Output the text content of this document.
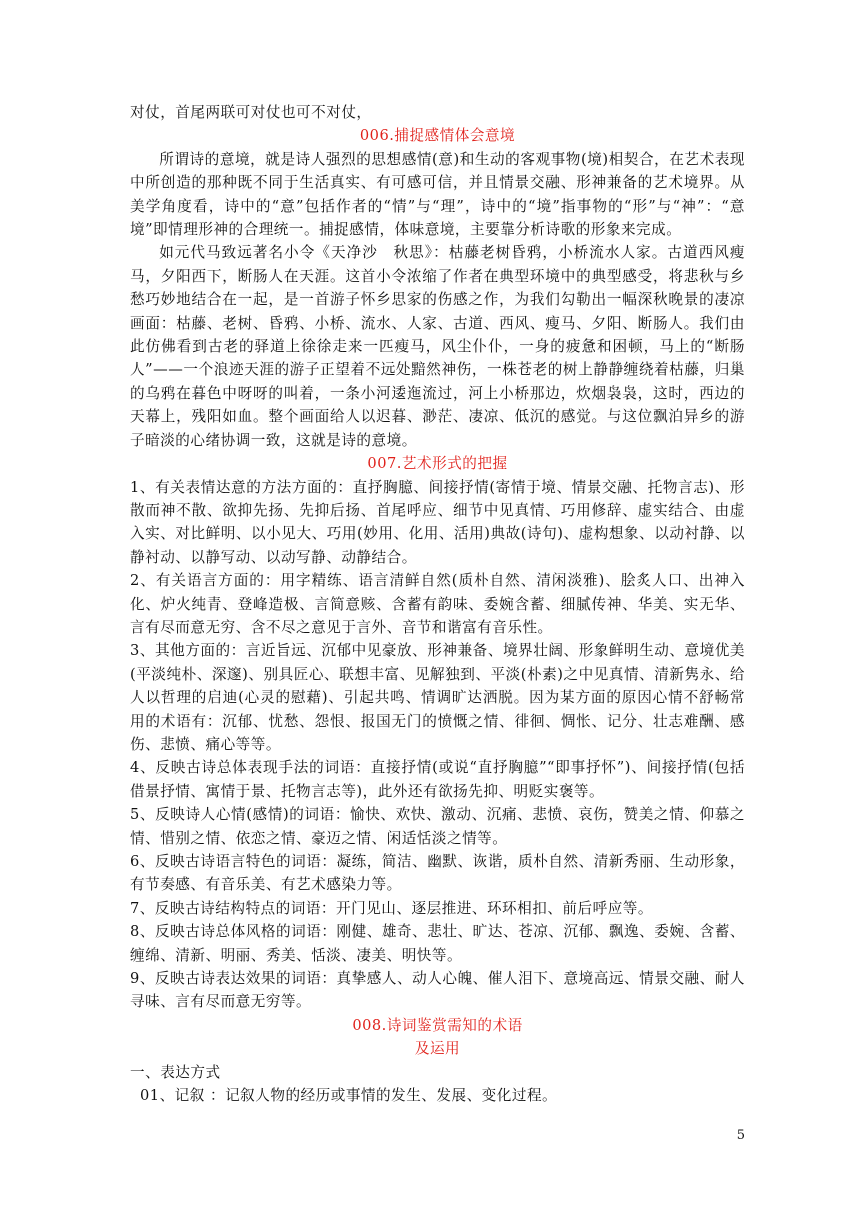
对仗，首尾两联可对仗也可不对仗，

006.捕捉感情体会意境

所谓诗的意境，就是诗人强烈的思想感情(意)和生动的客观事物(境)相契合，在艺术表现中所创造的那种既不同于生活真实、有可感可信，并且情景交融、形神兼备的艺术境界。从美学角度看，诗中的“意”包括作者的“情”与“理”，诗中的“境”指事物的“形”与“神”：“意境”即情理形神的合理统一。捕捉感情，体味意境，主要靠分析诗歌的形象来完成。

如元代马致远著名小令《天净沙　秋思》：枯藤老树昏鸦，小桥流水人家。古道西风瘦马，夕阳西下，断肠人在天涯。这首小令浓缩了作者在典型环境中的典型感受，将悲秋与乡愁巧妙地结合在一起，是一首游子怀乡思家的伤感之作，为我们勾勒出一幅深秋晚景的凄凉画面：枯藤、老树、昏鸦、小桥、流水、人家、古道、西风、瘦马、夕阳、断肠人。我们由此仿佛看到古老的驿道上徐徐走来一匹瘦马，风尘仆仆，一身的疲惫和困顿，马上的“断肠人”——一个浪迹天涯的游子正望着不远处黯然神伤，一株苍老的树上静静缠绕着枯藤，归巢的乌鸦在暮色中呀呀的叫着，一条小河逶迤流过，河上小桥那边，炊烟袅袅，这时，西边的天幕上，残阳如血。整个画面给人以迟暮、渺茫、凄凉、低沉的感觉。与这位飘泊异乡的游子暗淡的心绪协调一致，这就是诗的意境。

007.艺术形式的把握

1、有关表情达意的方法方面的：直抒胸臆、间接抒情(寄情于境、情景交融、托物言志)、形散而神不散、欲抑先扬、先抑后扬、首尾呼应、细节中见真情、巧用修辞、虚实结合、由虚入实、对比鲜明、以小见大、巧用(妙用、化用、活用)典故(诗句)、虚构想象、以动衬静、以静衬动、以静写动、以动写静、动静结合。

2、有关语言方面的：用字精练、语言清鲜自然(质朴自然、清闲淡雅)、脍炙人口、出神入化、炉火纯青、登峰造极、言简意赅、含蓄有韵味、委婉含蓄、细腻传神、华美、实无华、言有尽而意无穷、含不尽之意见于言外、音节和谐富有音乐性。

3、其他方面的：言近旨远、沉郁中见豪放、形神兼备、境界壮阔、形象鲜明生动、意境优美(平淡纯朴、深邃)、别具匠心、联想丰富、见解独到、平淡(朴素)之中见真情、清新隽永、给人以哲理的启迪(心灵的慰藉)、引起共鸣、情调旷达洒脱。因为某方面的原因心情不舒畅常用的术语有：沉郁、忧愁、怨恨、报国无门的愤慨之情、徘徊、惆怅、记分、壮志难酬、感伤、悲愤、痛心等等。

4、反映古诗总体表现手法的词语：直接抒情(或说“直抒胸臆”“即事抒怀”)、间接抒情(包括借景抒情、寓情于景、托物言志等)，此外还有欲扬先抑、明贬实褒等。

5、反映诗人心情(感情)的词语：愉快、欢快、激动、沉痛、悲愤、哀伤，赞美之情、仰慕之情、惜别之情、依恋之情、豪迈之情、闲适恬淡之情等。

6、反映古诗语言特色的词语：凝练，简洁、幽默、诙谐，质朴自然、清新秀丽、生动形象，有节奏感、有音乐美、有艺术感染力等。

7、反映古诗结构特点的词语：开门见山、逐层推进、环环相扣、前后呼应等。

8、反映古诗总体风格的词语：刚健、雄奇、悲壮、旷达、苍凉、沉郁、飘逸、委婉、含蓄、缠绵、清新、明丽、秀美、恬淡、凄美、明快等。

9、反映古诗表达效果的词语：真挚感人、动人心魄、催人泪下、意境高远、情景交融、耐人寻味、言有尽而意无穷等。

008.诗词鉴赏需知的术语

及运用

一、表达方式

01、记叙 ：记叙人物的经历或事情的发生、发展、变化过程。

5
